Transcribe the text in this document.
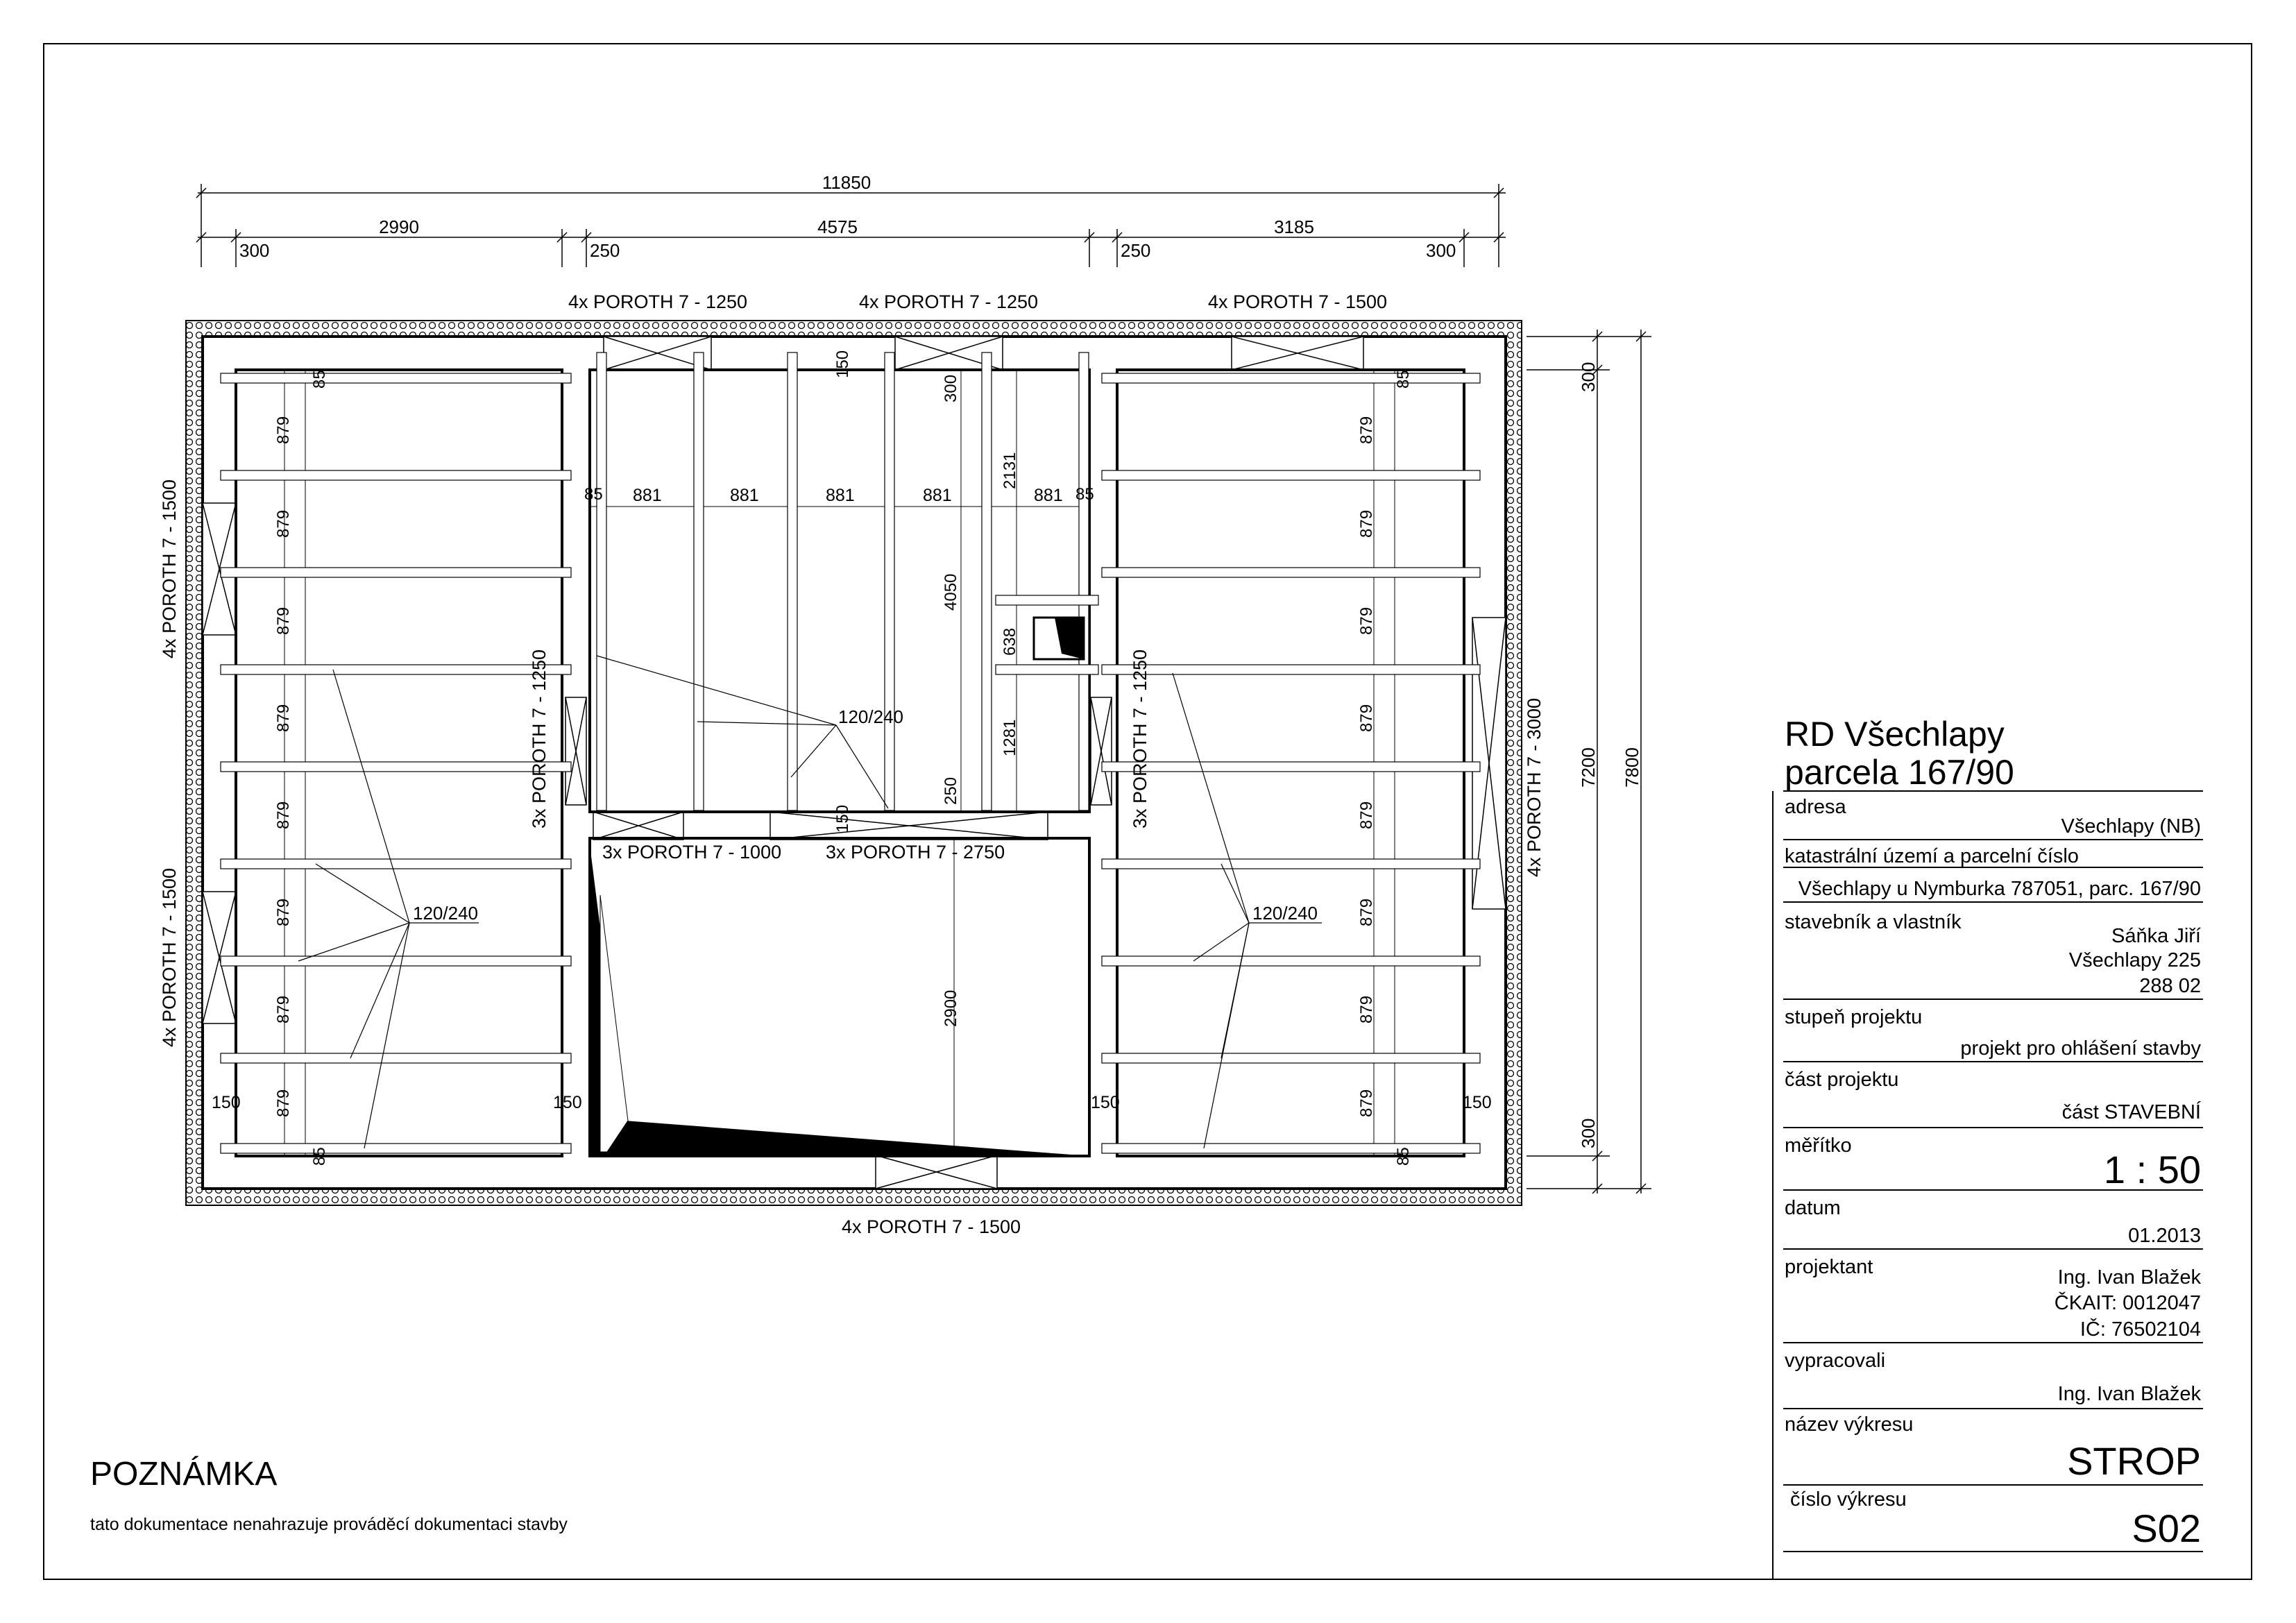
11850
2990	4575	3185
300	250	250	300
300
7200
300
7800
4x POROTH 7 - 1250	4x POROTH 7 - 1250	4x POROTH 7 - 1500
4x POROTH 7 - 1500
4x POROTH 7 - 1500
3x POROTH 7 - 1250	3x POROTH 7 - 1250	4x POROTH 7 - 3000
3x POROTH 7 - 1000 3x POROTH 7 - 2750
4x POROTH 7 - 1500
85
879
879
879
879
879
879
879
879
85
150	150
120/240
85 881	881	881	881	881 85
150
300
2131
4050
638
1281
250
150
120/240
2900
85
879
879
879
879
879
879
879
879
85
150	150
120/240
RD Všechlapy
parcela 167/90
adresa
Všechlapy (NB)
katastrální území a parcelní číslo
Všechlapy u Nymburka 787051, parc. 167/90
stavebník a vlastník
Sáňka Jiří
Všechlapy 225
288 02
stupeň projektu
projekt pro ohlášení stavby
část projektu
část STAVEBNÍ
měřítko
1 : 50
datum
01.2013
projektant	Ing. Ivan Blažek
ČKAIT: 0012047
IČ: 76502104
vypracovali
Ing. Ivan Blažek
název výkresu
STROP
číslo výkresu
S02
POZNÁMKA
tato dokumentace nenahrazuje prováděcí dokumentaci stavby
